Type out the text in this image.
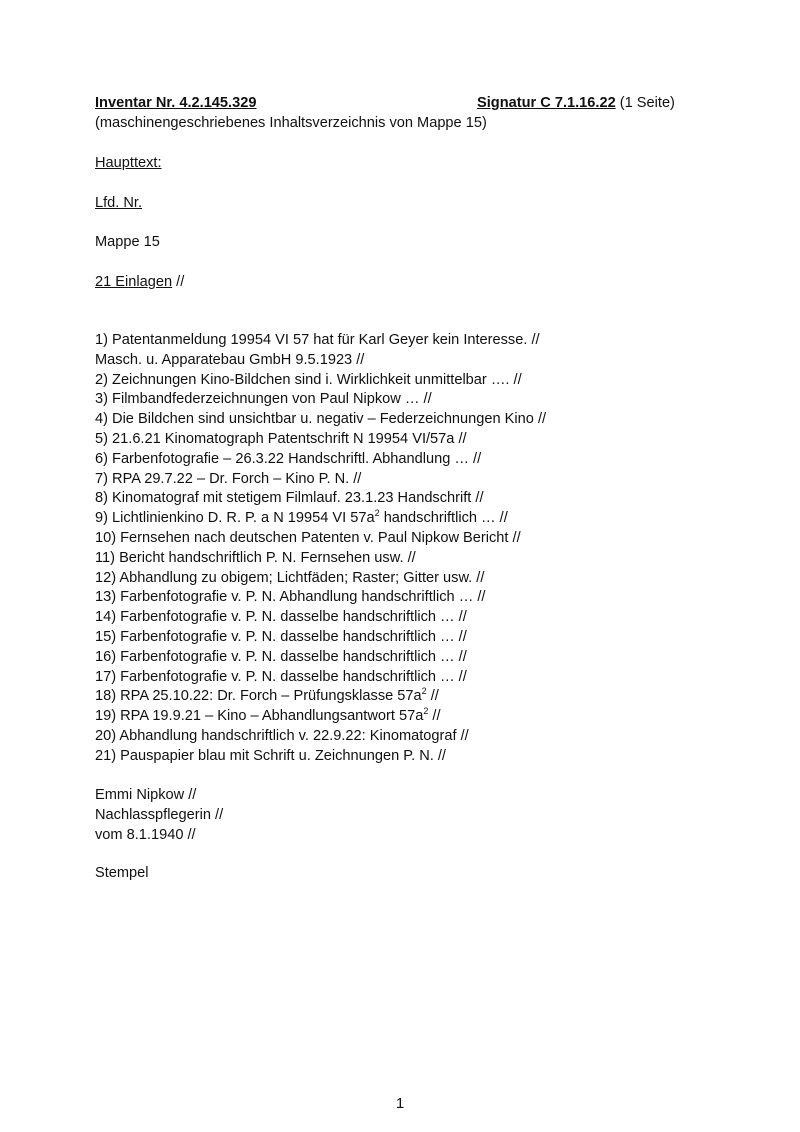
Inventar Nr. 4.2.145.329	Signatur C 7.1.16.22
(1 Seite)
(maschinengeschriebenes Inhaltsverzeichnis von Mappe 15)
Haupttext:
Lfd. Nr.
Mappe 15
21 Einlagen //
1) Patentanmeldung 19954 VI 57 hat für Karl Geyer kein Interesse. //
Masch. u. Apparatebau GmbH 9.5.1923 //
2) Zeichnungen Kino-Bildchen sind i. Wirklichkeit unmittelbar …. //
3) Filmbandfederzeichnungen von Paul Nipkow … //
4) Die Bildchen sind unsichtbar u. negativ – Federzeichnungen Kino //
5) 21.6.21 Kinomatograph Patentschrift N 19954 VI/57a //
6) Farbenfotografie – 26.3.22 Handschriftl. Abhandlung … //
7) RPA 29.7.22 – Dr. Forch – Kino P. N. //
8) Kinomatograf mit stetigem Filmlauf. 23.1.23 Handschrift //
9) Lichtlinienkino D. R. P. a N 19954 VI $57a^2$ handschriftlich … //
10) Fernsehen nach deutschen Patenten v. Paul Nipkow Bericht //
11) Bericht handschriftlich P. N. Fernsehen usw. //
12) Abhandlung zu obigem; Lichtfäden; Raster; Gitter usw. //
13) Farbenfotografie v. P. N. Abhandlung handschriftlich … //
14) Farbenfotografie v. P. N. dasselbe handschriftlich … //
15) Farbenfotografie v. P. N. dasselbe handschriftlich … //
16) Farbenfotografie v. P. N. dasselbe handschriftlich … //
17) Farbenfotografie v. P. N. dasselbe handschriftlich … //
18) RPA 25.10.22: Dr. Forch – Prüfungsklasse $57a^2$ //
19) RPA 19.9.21 – Kino – Abhandlungsantwort $57a^2$ //
20) Abhandlung handschriftlich v. 22.9.22: Kinomatograf //
21) Pauspapier blau mit Schrift u. Zeichnungen P. N. //
Emmi Nipkow //
Nachlasspflegerin //
vom 8.1.1940 //
Stempel
1
